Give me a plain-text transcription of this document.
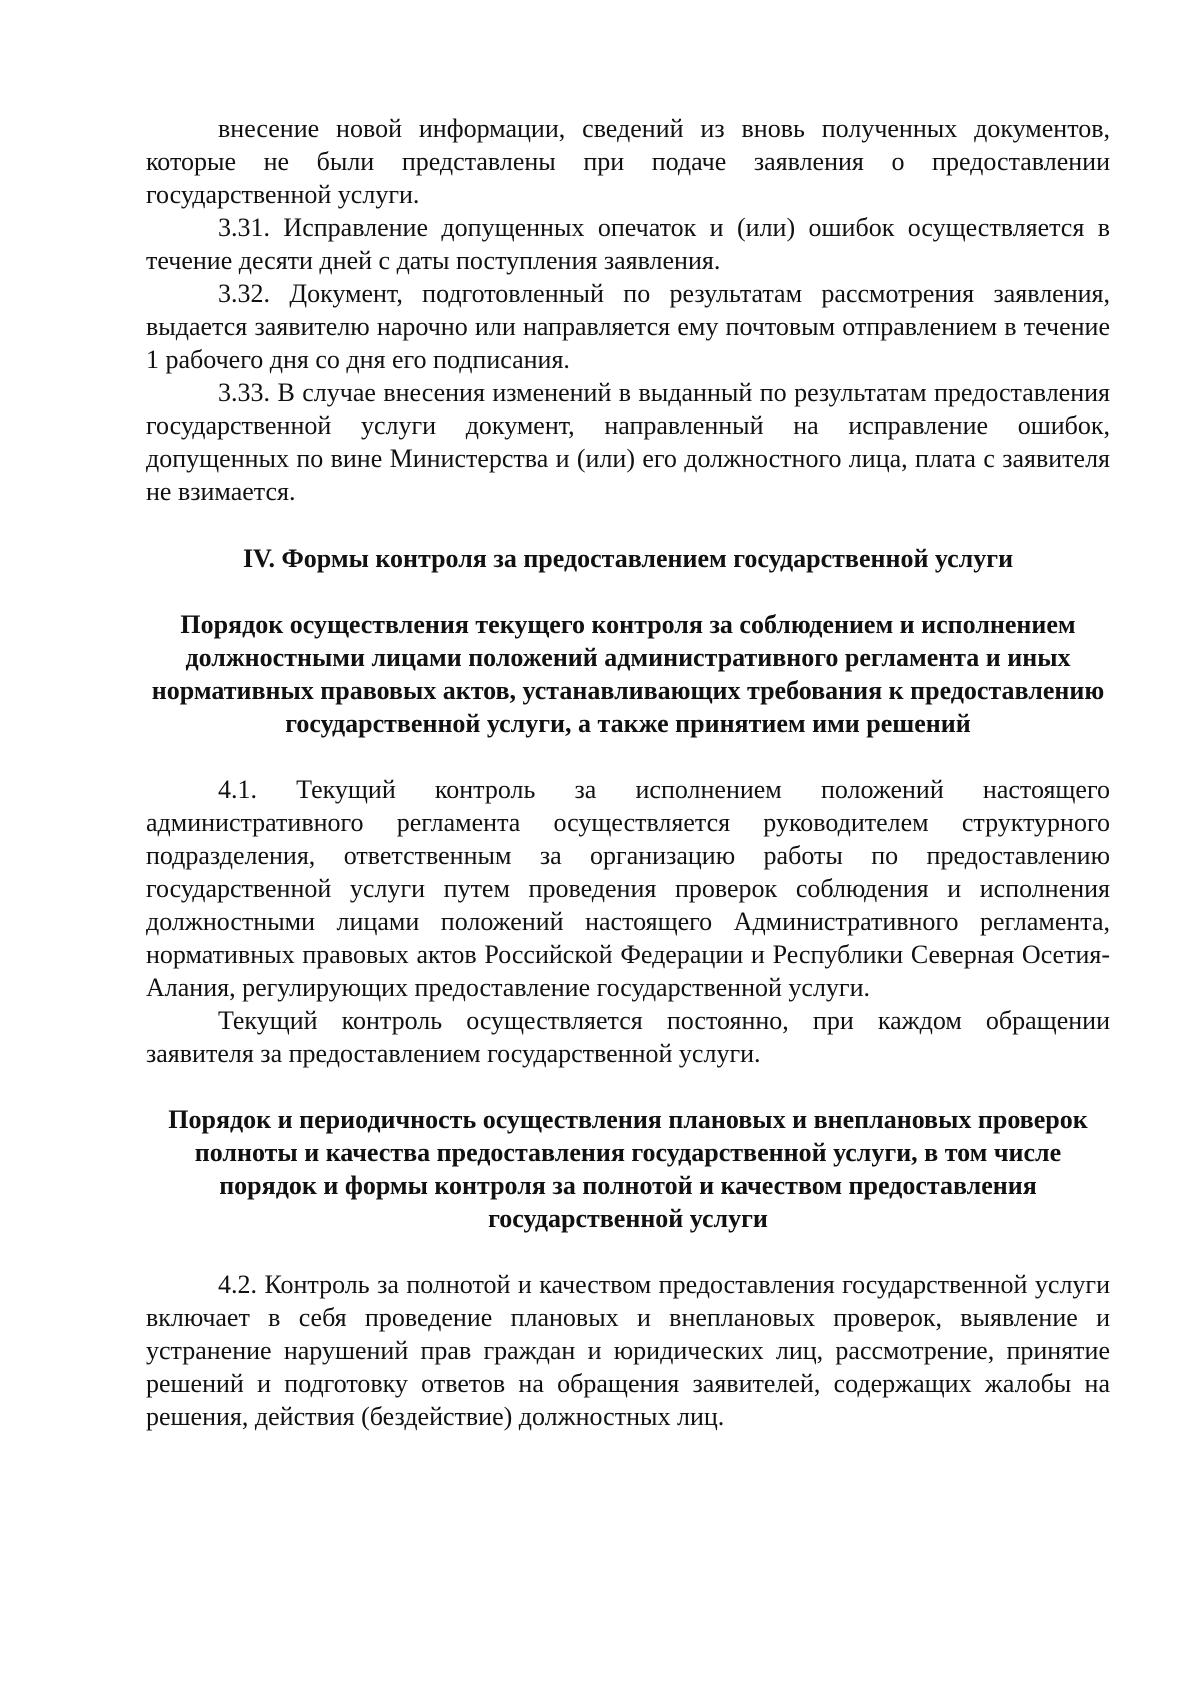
внесение новой информации, сведений из вновь полученных документов, которые не были представлены при подаче заявления о предоставлении государственной услуги.

3.31. Исправление допущенных опечаток и (или) ошибок осуществляется в течение десяти дней с даты поступления заявления.

3.32. Документ, подготовленный по результатам рассмотрения заявления, выдается заявителю нарочно или направляется ему почтовым отправлением в течение 1 рабочего дня со дня его подписания.

3.33. В случае внесения изменений в выданный по результатам предоставления государственной услуги документ, направленный на исправление ошибок, допущенных по вине Министерства и (или) его должностного лица, плата с заявителя не взимается.

IV. Формы контроля за предоставлением государственной услуги

Порядок осуществления текущего контроля за соблюдением и исполнением должностными лицами положений административного регламента и иных нормативных правовых актов, устанавливающих требования к предоставлению государственной услуги, а также принятием ими решений

4.1. Текущий контроль за исполнением положений настоящего административного регламента осуществляется руководителем структурного подразделения, ответственным за организацию работы по предоставлению государственной услуги путем проведения проверок соблюдения и исполнения должностными лицами положений настоящего Административного регламента, нормативных правовых актов Российской Федерации и Республики Северная Осетия-Алания, регулирующих предоставление государственной услуги.

Текущий контроль осуществляется постоянно, при каждом обращении заявителя за предоставлением государственной услуги.

Порядок и периодичность осуществления плановых и внеплановых проверок полноты и качества предоставления государственной услуги, в том числе порядок и формы контроля за полнотой и качеством предоставления государственной услуги

4.2. Контроль за полнотой и качеством предоставления государственной услуги включает в себя проведение плановых и внеплановых проверок, выявление и устранение нарушений прав граждан и юридических лиц, рассмотрение, принятие решений и подготовку ответов на обращения заявителей, содержащих жалобы на решения, действия (бездействие) должностных лиц.
